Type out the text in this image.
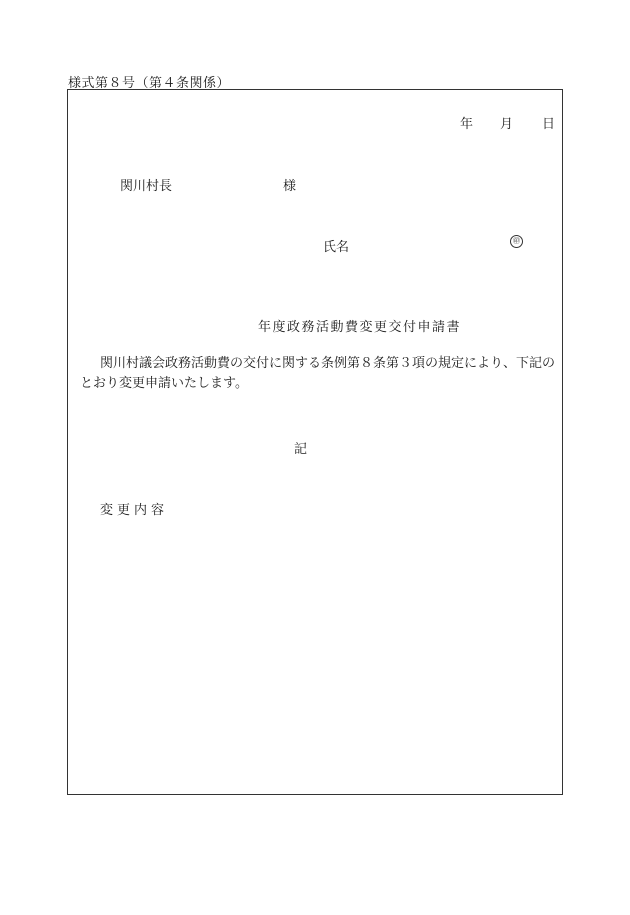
様式第８号（第４条関係）
年 月 日
関川村長	様
氏名	㊞
年度政務活動費変更交付申請書
関川村議会政務活動費の交付に関する条例第８条第３項の規定により、下記のとおり変更申請いたします。
記
変更内容
